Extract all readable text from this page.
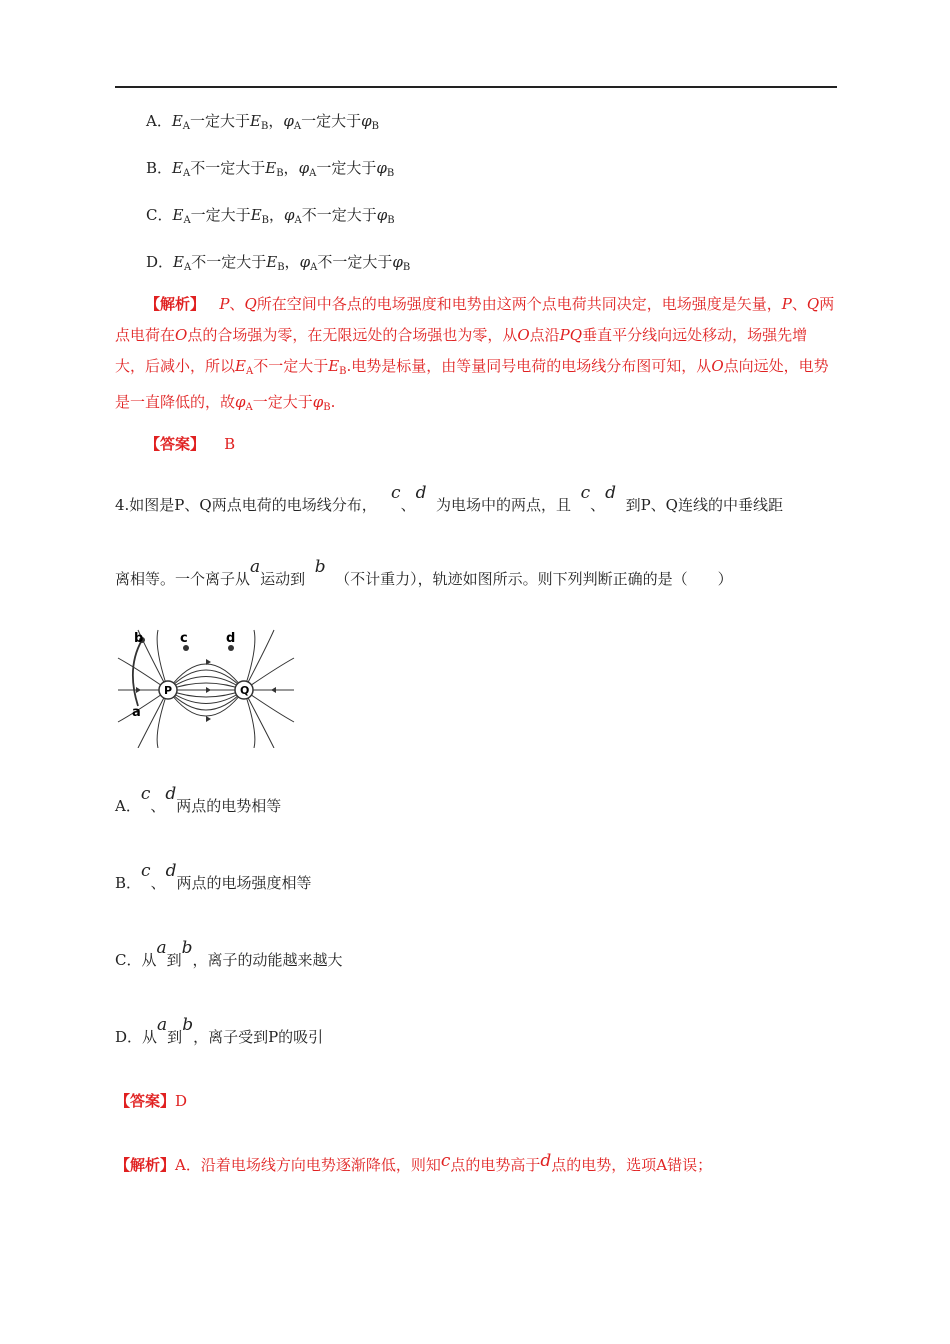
A．$E_A$一定大于$E_B$，$\varphi_A$一定大于$\varphi_B$
B．$E_A$不一定大于$E_B$，$\varphi_A$一定大于$\varphi_B$
C．$E_A$一定大于$E_B$，$\varphi_A$不一定大于$\varphi_B$
D．$E_A$不一定大于$E_B$，$\varphi_A$不一定大于$\varphi_B$
【解析】 P、Q所在空间中各点的电场强度和电势由这两个点电荷共同决定，电场强度是矢量，P、Q两点电荷在O点的合场强为零，在无限远处的合场强也为零，从O点沿PQ垂直平分线向远处移动，场强先增大，后减小，所以$E_A$不一定大于$E_B$.电势是标量，由等量同号电荷的电场线分布图可知，从O点向远处，电势是一直降低的，故$\varphi_A$一定大于$\varphi_B$.
【答案】 B
4.如图是P、Q两点电荷的电场线分布，   c、d  为电场中的两点，且  c、d  到P、Q连线的中垂线距
离相等。一个离子从a运动到  b  （不计重力），轨迹如图所示。则下列判断正确的是（　　）
P	Q
b	c	d
a
A．c、d两点的电势相等
B．c、d两点的电场强度相等
C．从a到b，离子的动能越来越大
D．从a到b，离子受到P的吸引
【答案】D
【解析】A．沿着电场线方向电势逐渐降低，则知c点的电势高于d点的电势，选项A错误；
